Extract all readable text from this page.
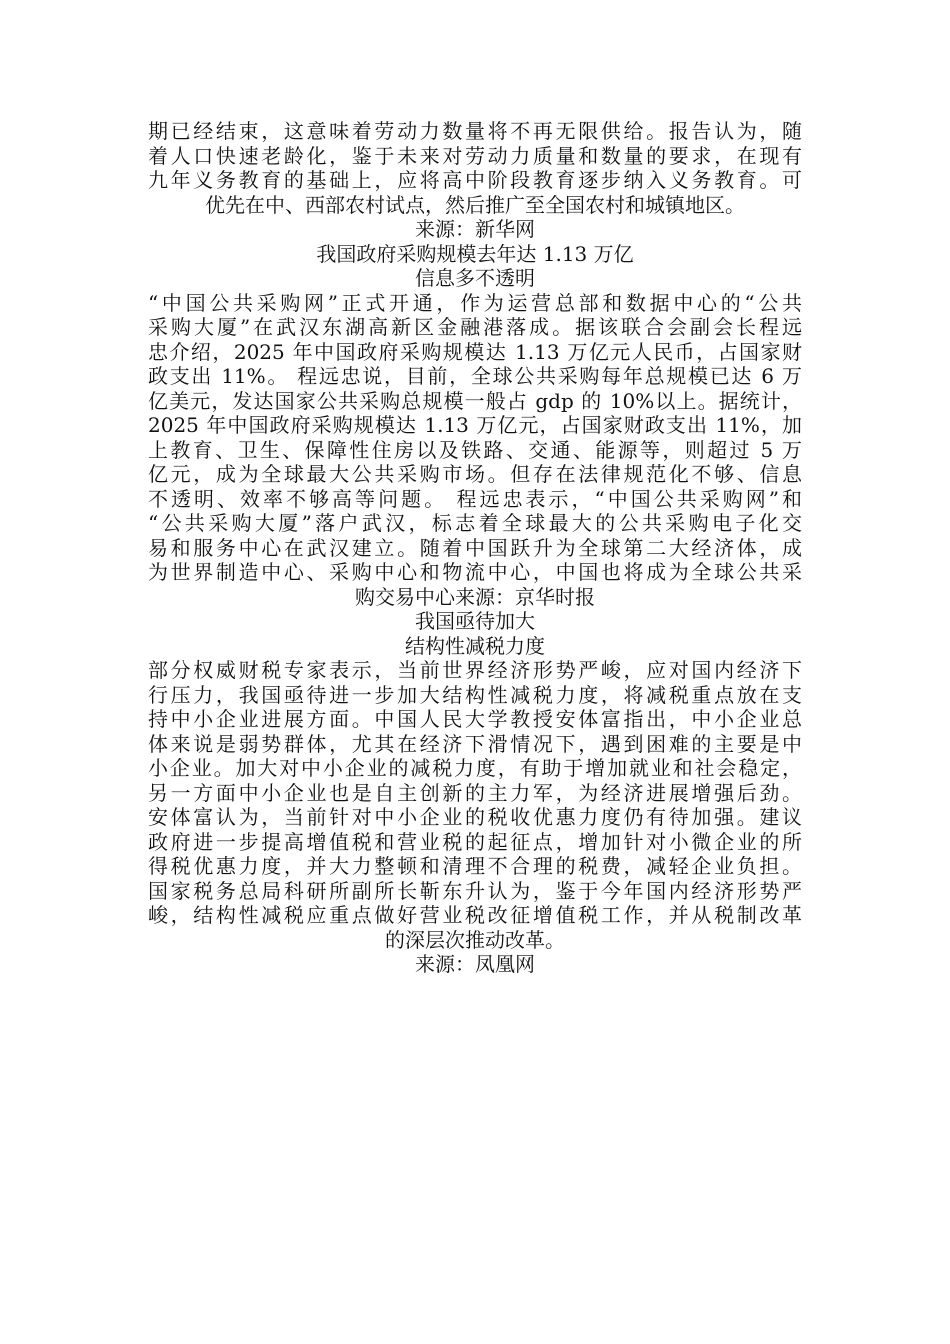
期已经结束，这意味着劳动力数量将不再无限供给。报告认为，随
着人口快速老龄化，鉴于未来对劳动力质量和数量的要求，在现有
九年义务教育的基础上，应将高中阶段教育逐步纳入义务教育。可
优先在中、西部农村试点，然后推广至全国农村和城镇地区。
来源：新华网
我国政府采购规模去年达 1.13 万亿
信息多不透明
“中国公共采购网”正式开通，作为运营总部和数据中心的“公共
采购大厦”在武汉东湖高新区金融港落成。据该联合会副会长程远
忠介绍，2025 年中国政府采购规模达 1.13 万亿元人民币，占国家财
政支出 11%。 程远忠说，目前，全球公共采购每年总规模已达 6 万
亿美元，发达国家公共采购总规模一般占 gdp 的 10%以上。据统计，
2025 年中国政府采购规模达 1.13 万亿元，占国家财政支出 11%，加
上教育、卫生、保障性住房以及铁路、交通、能源等，则超过 5 万
亿元，成为全球最大公共采购市场。但存在法律规范化不够、信息
不透明、效率不够高等问题。 程远忠表示，“中国公共采购网”和
“公共采购大厦”落户武汉，标志着全球最大的公共采购电子化交
易和服务中心在武汉建立。随着中国跃升为全球第二大经济体，成
为世界制造中心、采购中心和物流中心，中国也将成为全球公共采
购交易中心来源：京华时报
我国亟待加大
结构性减税力度
部分权威财税专家表示，当前世界经济形势严峻，应对国内经济下
行压力，我国亟待进一步加大结构性减税力度，将减税重点放在支
持中小企业进展方面。中国人民大学教授安体富指出，中小企业总
体来说是弱势群体，尤其在经济下滑情况下，遇到困难的主要是中
小企业。加大对中小企业的减税力度，有助于增加就业和社会稳定，
另一方面中小企业也是自主创新的主力军，为经济进展增强后劲。
安体富认为，当前针对中小企业的税收优惠力度仍有待加强。建议
政府进一步提高增值税和营业税的起征点，增加针对小微企业的所
得税优惠力度，并大力整顿和清理不合理的税费，减轻企业负担。
国家税务总局科研所副所长靳东升认为，鉴于今年国内经济形势严
峻，结构性减税应重点做好营业税改征增值税工作，并从税制改革
的深层次推动改革。
来源：凤凰网
